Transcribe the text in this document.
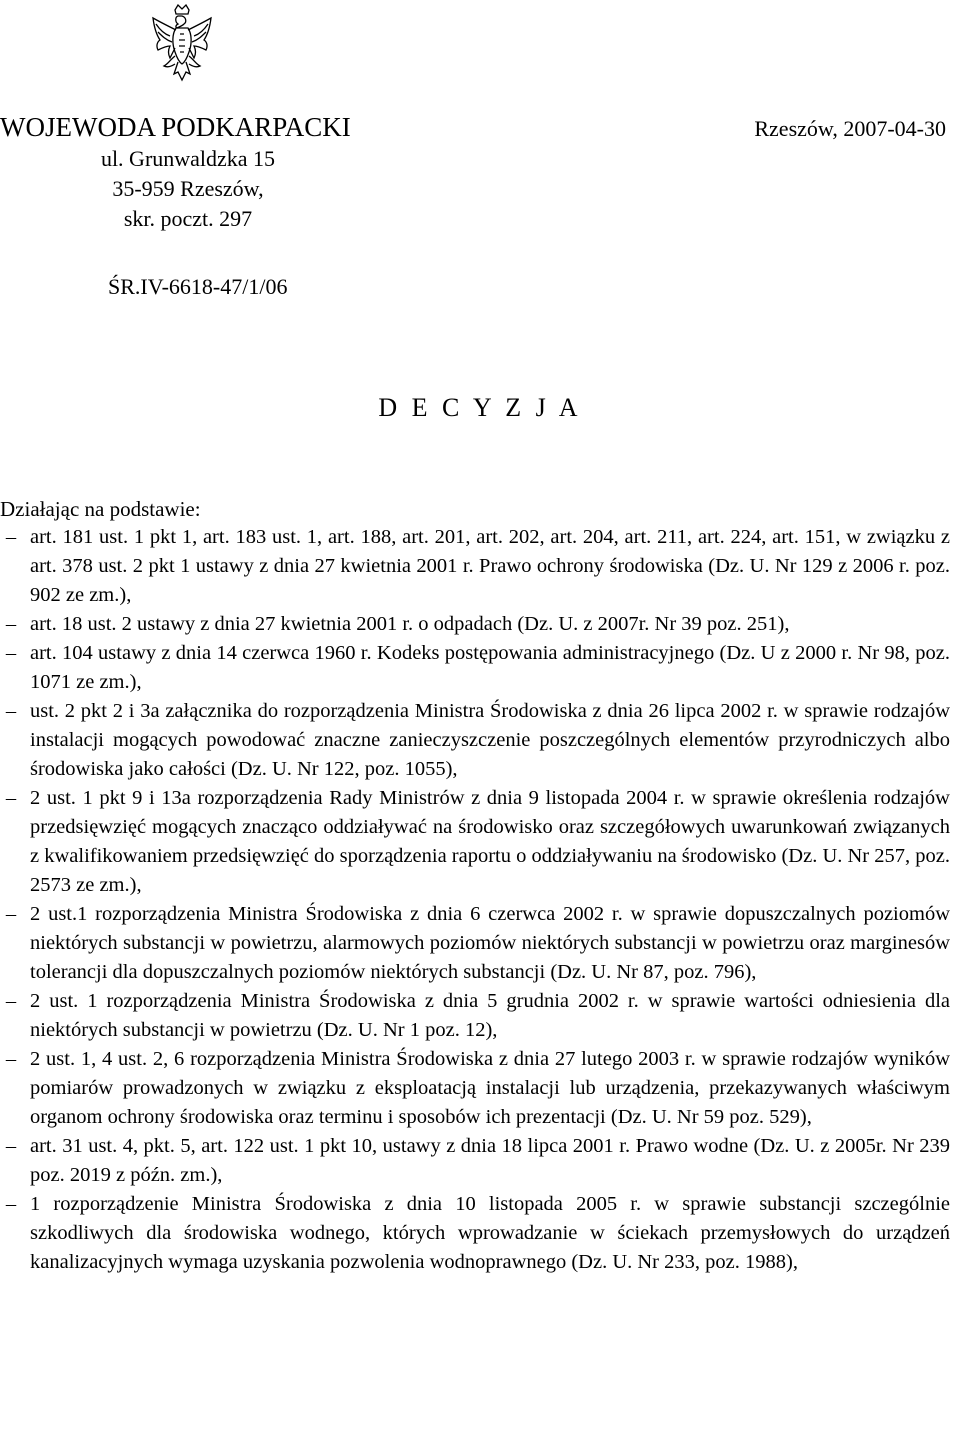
WOJEWODA PODKARPACKI
ul. Grunwaldzka 15
35-959 Rzeszów,
skr. poczt. 297
Rzeszów, 2007-04-30
ŚR.IV-6618-47/1/06
D E C Y Z J A
Działając na podstawie:
– art. 181 ust. 1 pkt 1, art. 183 ust. 1, art. 188, art. 201, art. 202, art. 204, art. 211, art. 224, art. 151, w związku z art. 378 ust. 2 pkt 1 ustawy z dnia 27 kwietnia 2001 r. Prawo ochrony środowiska (Dz. U. Nr 129 z 2006 r. poz. 902 ze zm.),
– art. 18 ust. 2 ustawy z dnia 27 kwietnia 2001 r. o odpadach (Dz. U. z 2007r. Nr 39 poz. 251),
– art. 104 ustawy z dnia 14 czerwca 1960 r. Kodeks postępowania administracyjnego (Dz. U z 2000 r. Nr 98, poz. 1071 ze zm.),
– ust. 2 pkt 2 i 3a załącznika do rozporządzenia Ministra Środowiska z dnia 26 lipca 2002 r. w sprawie rodzajów instalacji mogących powodować znaczne zanieczyszczenie poszczególnych elementów przyrodniczych albo środowiska jako całości (Dz. U. Nr 122, poz. 1055),
– 2 ust. 1 pkt 9 i 13a rozporządzenia Rady Ministrów z dnia 9 listopada 2004 r. w sprawie określenia rodzajów przedsięwzięć mogących znacząco oddziaływać na środowisko oraz szczegółowych uwarunkowań związanych z kwalifikowaniem przedsięwzięć do sporządzenia raportu o oddziaływaniu na środowisko (Dz. U. Nr 257, poz. 2573 ze zm.),
– 2 ust.1 rozporządzenia Ministra Środowiska z dnia 6 czerwca 2002 r. w sprawie dopuszczalnych poziomów niektórych substancji w powietrzu, alarmowych poziomów niektórych substancji w powietrzu oraz marginesów tolerancji dla dopuszczalnych poziomów niektórych substancji (Dz. U. Nr 87, poz. 796),
– 2 ust. 1 rozporządzenia Ministra Środowiska z dnia 5 grudnia 2002 r. w sprawie wartości odniesienia dla niektórych substancji w powietrzu (Dz. U. Nr 1 poz. 12),
– 2 ust. 1, 4 ust. 2, 6 rozporządzenia Ministra Środowiska z dnia 27 lutego 2003 r. w sprawie rodzajów wyników pomiarów prowadzonych w związku z eksploatacją instalacji lub urządzenia, przekazywanych właściwym organom ochrony środowiska oraz terminu i sposobów ich prezentacji (Dz. U. Nr 59 poz. 529),
– art. 31 ust. 4, pkt. 5, art. 122 ust. 1 pkt 10, ustawy z dnia 18 lipca 2001 r. Prawo wodne (Dz. U. z 2005r. Nr 239 poz. 2019 z późn. zm.),
– 1 rozporządzenie Ministra Środowiska z dnia 10 listopada 2005 r. w sprawie substancji szczególnie szkodliwych dla środowiska wodnego, których wprowadzanie w ściekach przemysłowych do urządzeń kanalizacyjnych wymaga uzyskania pozwolenia wodnoprawnego (Dz. U. Nr 233, poz. 1988),
